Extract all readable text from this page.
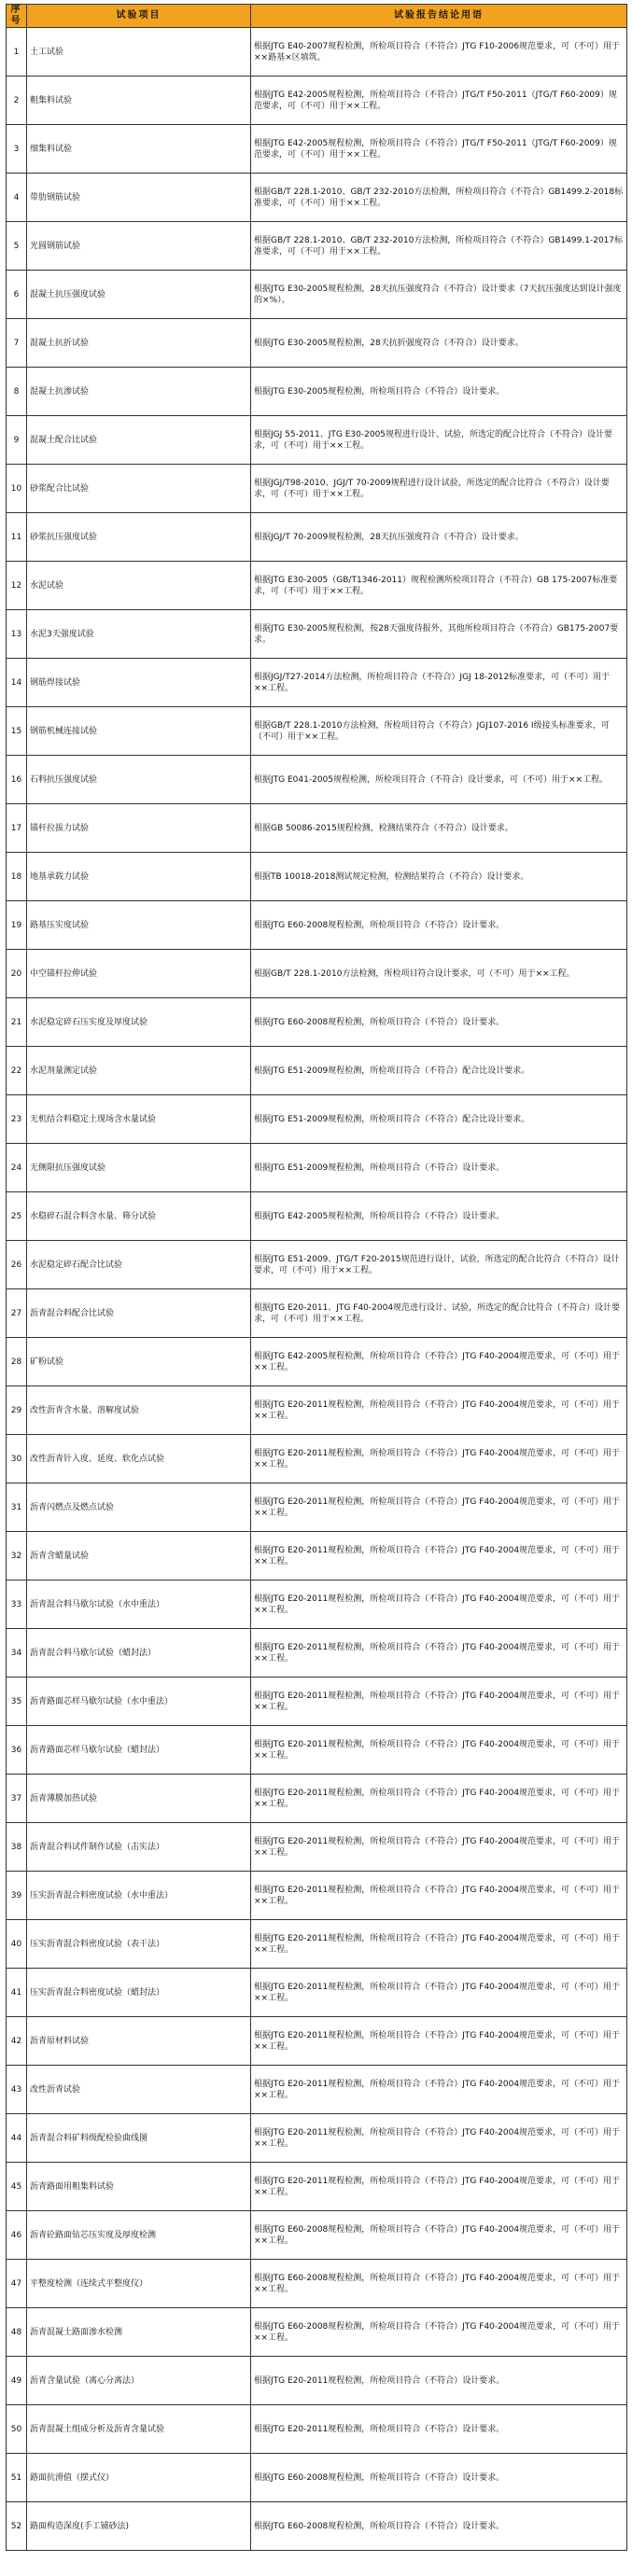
序号	试验项目	试验报告结论用语
1	土工试验	根据JTG E40-2007规程检测，所检项目符合（不符合）JTG F10-2006规范要求，可（不可）用于××路基×区填筑。
2	粗集料试验	根据JTG E42-2005规程检测，所检项目符合（不符合）JTG/T F50-2011（JTG/T F60-2009）规范要求，可（不可）用于××工程。
3	细集料试验	根据JTG E42-2005规程检测，所检项目符合（不符合）JTG/T F50-2011（JTG/T F60-2009）规范要求，可（不可）用于××工程。
4	带肋钢筋试验	根据GB/T 228.1-2010、GB/T 232-2010方法检测，所检项目符合（不符合）GB1499.2-2018标准要求，可（不可）用于××工程。
5	光圆钢筋试验	根据GB/T 228.1-2010、GB/T 232-2010方法检测，所检项目符合（不符合）GB1499.1-2017标准要求，可（不可）用于××工程。
6	混凝土抗压强度试验	根据JTG E30-2005规程检测，28天抗压强度符合（不符合）设计要求（7天抗压强度达到设计强度的×%）。
7	混凝土抗折试验	根据JTG E30-2005规程检测，28天抗折强度符合（不符合）设计要求。
8	混凝土抗渗试验	根据JTG E30-2005规程检测，所检项目符合（不符合）设计要求。
9	混凝土配合比试验	根据JGJ 55-2011、JTG E30-2005规程进行设计、试验，所选定的配合比符合（不符合）设计要求，可（不可）用于××工程。
10	砂浆配合比试验	根据JGJ/T98-2010、JGJ/T 70-2009规程进行设计试验，所选定的配合比符合（不符合）设计要求，可（不可）用于××工程。
11	砂浆抗压强度试验	根据JGJ/T 70-2009规程检测，28天抗压强度符合（不符合）设计要求。
12	水泥试验	根据JTG E30-2005（GB/T1346-2011）规程检测所检项目符合（不符合）GB 175-2007标准要求，可（不可）用于××工程。
13	水泥3天强度试验	根据JTG E30-2005规程检测，按28天强度待报外，其他所检项目符合（不符合）GB175-2007要求。
14	钢筋焊接试验	根据JGJ/T27-2014方法检测，所检项目符合（不符合）JGJ 18-2012标准要求，可（不可）用于××工程。
15	钢筋机械连接试验	根据GB/T 228.1-2010方法检测，所检项目符合（不符合）JGJ107-2016 I级接头标准要求，可（不可）用于××工程。
16	石料抗压强度试验	根据JTG E041-2005规程检测，所检项目符合（不符合）设计要求，可（不可）用于××工程。
17	锚杆拉拔力试验	根据GB 50086-2015规程检测，检测结果符合（不符合）设计要求。
18	地基承载力试验	根据TB 10018-2018测试规定检测，检测结果符合（不符合）设计要求。
19	路基压实度试验	根据JTG E60-2008规程检测，所检项目符合（不符合）设计要求。
20	中空锚杆拉伸试验	根据GB/T 228.1-2010方法检测，所检项目符合设计要求，可（不可）用于××工程。
21	水泥稳定碎石压实度及厚度试验	根据JTG E60-2008规程检测，所检项目符合（不符合）设计要求。
22	水泥剂量测定试验	根据JTG E51-2009规程检测，所检项目符合（不符合）配合比设计要求。
23	无机结合料稳定土现场含水量试验	根据JTG E51-2009规程检测，所检项目符合（不符合）配合比设计要求。
24	无侧限抗压强度试验	根据JTG E51-2009规程检测，所检项目符合（不符合）设计要求。
25	水稳碎石混合料含水量、筛分试验	根据JTG E42-2005规程检测，所检项目符合（不符合）设计要求。
26	水泥稳定碎石配合比试验	根据JTG E51-2009、JTG/T F20-2015规范进行设计，试验，所选定的配合比符合（不符合）设计要求，可（不可）用于××工程。
27	沥青混合料配合比试验	根据JTG E20-2011、JTG F40-2004规范进行设计、试验，所选定的配合比符合（不符合）设计要求，可（不可）用于××工程。
28	矿粉试验	根据JTG E42-2005规程检测，所检项目符合（不符合）JTG F40-2004规范要求，可（不可）用于××工程。
29	改性沥青含水量、溶解度试验	根据JTG E20-2011规程检测，所检项目符合（不符合）JTG F40-2004规范要求，可（不可）用于××工程。
30	改性沥青针入度、延度、软化点试验	根据JTG E20-2011规程检测，所检项目符合（不符合）JTG F40-2004规范要求，可（不可）用于××工程。
31	沥青闪燃点及燃点试验	根据JTG E20-2011规程检测，所检项目符合（不符合）JTG F40-2004规范要求，可（不可）用于××工程。
32	沥青含蜡量试验	根据JTG E20-2011规程检测，所检项目符合（不符合）JTG F40-2004规范要求，可（不可）用于××工程。
33	沥青混合料马歇尔试验（水中重法）	根据JTG E20-2011规程检测，所检项目符合（不符合）JTG F40-2004规范要求，可（不可）用于××工程。
34	沥青混合料马歇尔试验（蜡封法）	根据JTG E20-2011规程检测，所检项目符合（不符合）JTG F40-2004规范要求，可（不可）用于××工程。
35	沥青路面芯样马歇尔试验（水中重法）	根据JTG E20-2011规程检测，所检项目符合（不符合）JTG F40-2004规范要求，可（不可）用于××工程。
36	沥青路面芯样马歇尔试验（蜡封法）	根据JTG E20-2011规程检测，所检项目符合（不符合）JTG F40-2004规范要求，可（不可）用于××工程。
37	沥青薄膜加热试验	根据JTG E20-2011规程检测，所检项目符合（不符合）JTG F40-2004规范要求，可（不可）用于××工程。
38	沥青混合料试件制作试验（击实法）	根据JTG E20-2011规程检测，所检项目符合（不符合）JTG F40-2004规范要求，可（不可）用于××工程。
39	压实沥青混合料密度试验（水中重法）	根据JTG E20-2011规程检测，所检项目符合（不符合）JTG F40-2004规范要求，可（不可）用于××工程。
40	压实沥青混合料密度试验（表干法）	根据JTG E20-2011规程检测，所检项目符合（不符合）JTG F40-2004规范要求，可（不可）用于××工程。
41	压实沥青混合料密度试验（蜡封法）	根据JTG E20-2011规程检测，所检项目符合（不符合）JTG F40-2004规范要求，可（不可）用于××工程。
42	沥青原材料试验	根据JTG E20-2011规程检测，所检项目符合（不符合）JTG F40-2004规范要求，可（不可）用于××工程。
43	改性沥青试验	根据JTG E20-2011规程检测，所检项目符合（不符合）JTG F40-2004规范要求，可（不可）用于××工程。
44	沥青混合料矿料级配检验曲线图	根据JTG E20-2011规程检测，所检项目符合（不符合）JTG F40-2004规范要求，可（不可）用于××工程。
45	沥青路面用粗集料试验	根据JTG E20-2011规程检测，所检项目符合（不符合）JTG F40-2004规范要求，可（不可）用于××工程。
46	沥青砼路面钻芯压实度及厚度检测	根据JTG E60-2008规程检测，所检项目符合（不符合）JTG F40-2004规范要求，可（不可）用于××工程。
47	平整度检测（连续式平整度仪）	根据JTG E60-2008规程检测，所检项目符合（不符合）JTG F40-2004规范要求，可（不可）用于××工程。
48	沥青混凝土路面渗水检测	根据JTG E60-2008规程检测，所检项目符合（不符合）JTG F40-2004规范要求，可（不可）用于××工程。
49	沥青含量试验（离心分离法）	根据JTG E20-2011规程检测，所检项目符合（不符合）设计要求。
50	沥青混凝土组成分析及沥青含量试验	根据JTG E20-2011规程检测，所检项目符合（不符合）设计要求。
51	路面抗滑值（摆式仪）	根据JTG E60-2008规程检测，所检项目符合（不符合）设计要求。
52	路面构造深度(手工铺砂法)	根据JTG E60-2008规程检测，所检项目符合（不符合）设计要求。
